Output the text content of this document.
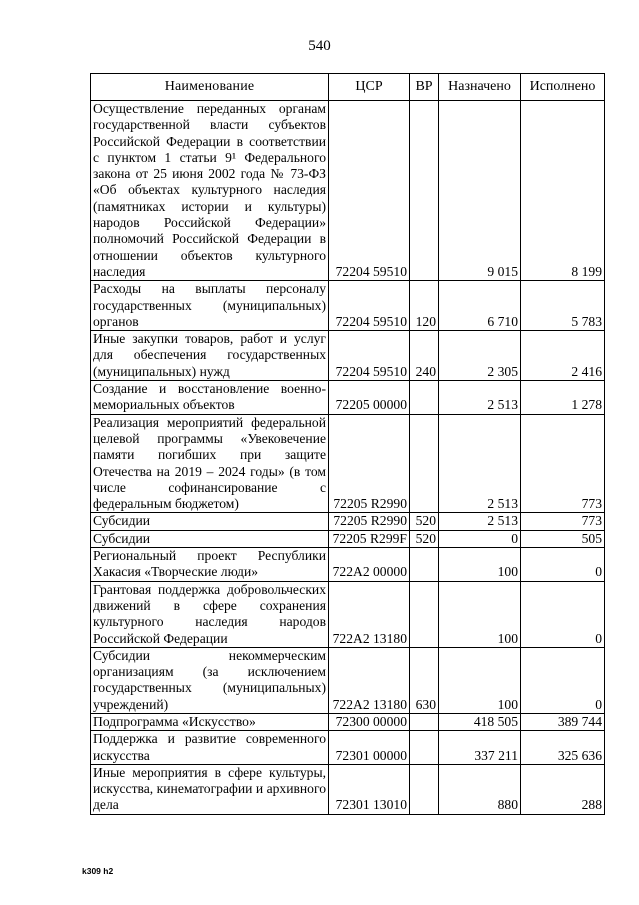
540
Наименование	ЦСР	ВР	Назначено	Исполнено
Осуществление переданных органам государственной власти субъектов Российской Федерации в соответствии с пунктом 1 статьи 9¹ Федерального закона от 25 июня 2002 года № 73-ФЗ «Об объектах культурного наследия (памятниках истории и культуры) народов Российской Федерации» полномочий Российской Федерации в отношении объектов культурного наследия	72204 59510		9 015	8 199
Расходы на выплаты персоналу государственных (муниципальных) органов	72204 59510	120	6 710	5 783
Иные закупки товаров, работ и услуг для обеспечения государственных (муниципальных) нужд	72204 59510	240	2 305	2 416
Создание и восстановление военно-мемориальных объектов	72205 00000		2 513	1 278
Реализация мероприятий федеральной целевой программы «Увековечение памяти погибших при защите Отечества на 2019 – 2024 годы» (в том числе софинансирование с федеральным бюджетом)	72205 R2990		2 513	773
Субсидии	72205 R2990	520	2 513	773
Субсидии	72205 R299F	520	0	505
Региональный проект Республики Хакасия «Творческие люди»	722A2 00000		100	0
Грантовая поддержка добровольческих движений в сфере сохранения культурного наследия народов Российской Федерации	722A2 13180		100	0
Субсидии некоммерческим организациям (за исключением государственных (муниципальных) учреждений)	722A2 13180	630	100	0
Подпрограмма «Искусство»	72300 00000		418 505	389 744
Поддержка и развитие современного искусства	72301 00000		337 211	325 636
Иные мероприятия в сфере культуры, искусства, кинематографии и архивного дела	72301 13010		880	288
k309 h2
